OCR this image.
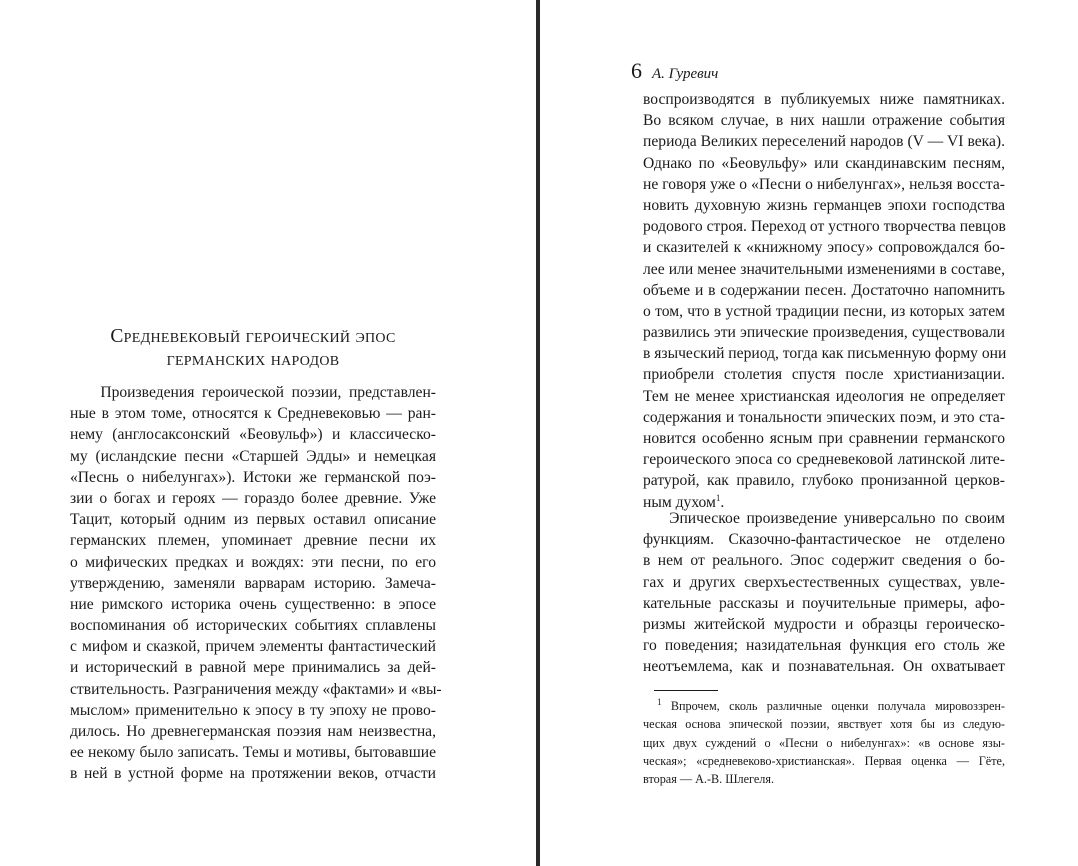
Средневековый героический эпос
германских народов
Произведения героической поэзии, представлен-
ные в этом томе, относятся к Средневековью — ран-
нему (англосаксонский «Беовульф») и классическо-
му (исландские песни «Старшей Эдды» и немецкая
«Песнь о нибелунгах»). Истоки же германской поэ-
зии о богах и героях — гораздо более древние. Уже
Тацит, который одним из первых оставил описание
германских племен, упоминает древние песни их
о мифических предках и вождях: эти песни, по его
утверждению, заменяли варварам историю. Замеча-
ние римского историка очень существенно: в эпосе
воспоминания об исторических событиях сплавлены
с мифом и сказкой, причем элементы фантастический
и исторический в равной мере принимались за дей-
ствительность. Разграничения между «фактами» и «вы-
мыслом» применительно к эпосу в ту эпоху не прово-
дилось. Но древнегерманская поэзия нам неизвестна,
ее некому было записать. Темы и мотивы, бытовавшие
в ней в устной форме на протяжении веков, отчасти
6 А. Гуревич
воспроизводятся в публикуемых ниже памятниках.
Во всяком случае, в них нашли отражение события
периода Великих переселений народов (V — VI века).
Однако по «Беовульфу» или скандинавским песням,
не говоря уже о «Песни о нибелунгах», нельзя восста-
новить духовную жизнь германцев эпохи господства
родового строя. Переход от устного творчества певцов
и сказителей к «книжному эпосу» сопровождался бо-
лее или менее значительными изменениями в составе,
объеме и в содержании песен. Достаточно напомнить
о том, что в устной традиции песни, из которых затем
развились эти эпические произведения, существовали
в языческий период, тогда как письменную форму они
приобрели столетия спустя после христианизации.
Тем не менее христианская идеология не определяет
содержания и тональности эпических поэм, и это ста-
новится особенно ясным при сравнении германского
героического эпоса со средневековой латинской лите-
ратурой, как правило, глубоко пронизанной церков-
ным духом$^1$.
Эпическое произведение универсально по своим
функциям. Сказочно-фантастическое не отделено
в нем от реального. Эпос содержит сведения о бо-
гах и других сверхъестественных существах, увле-
кательные рассказы и поучительные примеры, афо-
ризмы житейской мудрости и образцы героическо-
го поведения; назидательная функция его столь же
неотъемлема, как и познавательная. Он охватывает
$^1$ Впрочем, сколь различные оценки получала мировоззрен-
ческая основа эпической поэзии, явствует хотя бы из следую-
щих двух суждений о «Песни о нибелунгах»: «в основе язы-
ческая»; «средневеково-христианская». Первая оценка — Гёте,
вторая — А.-В. Шлегеля.
